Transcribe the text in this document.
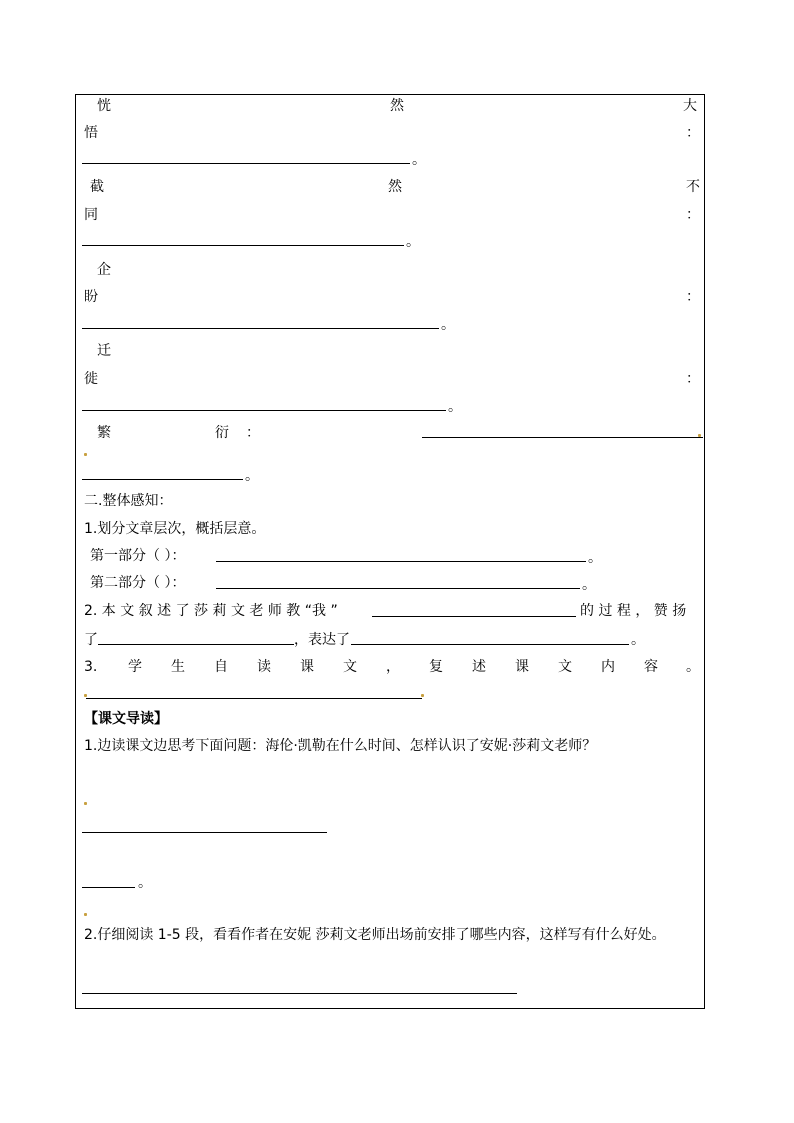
恍	然	大
悟	：
。
截	然	不
同	：
。
企
盼	：
。
迁
徙	：
。
繁	衍 ：
。
二.整体感知：
1.划分文章层次，概括层意。
第一部分（ ）：	。
第二部分（ ）：	。
2. 本 文 叙 述 了 莎 莉 文 老 师 教 “我 ”	的 过 程 ， 赞 扬
了	，表达了	。
3. 学 生 自 读 课 文 ， 复 述 课 文 内 容 。
【课文导读】
1.边读课文边思考下面问题：海伦·凯勒在什么时间、怎样认识了安妮·莎莉文老师？
。
2.仔细阅读 1-5 段，看看作者在安妮 莎莉文老师出场前安排了哪些内容，这样写有什么好处。
